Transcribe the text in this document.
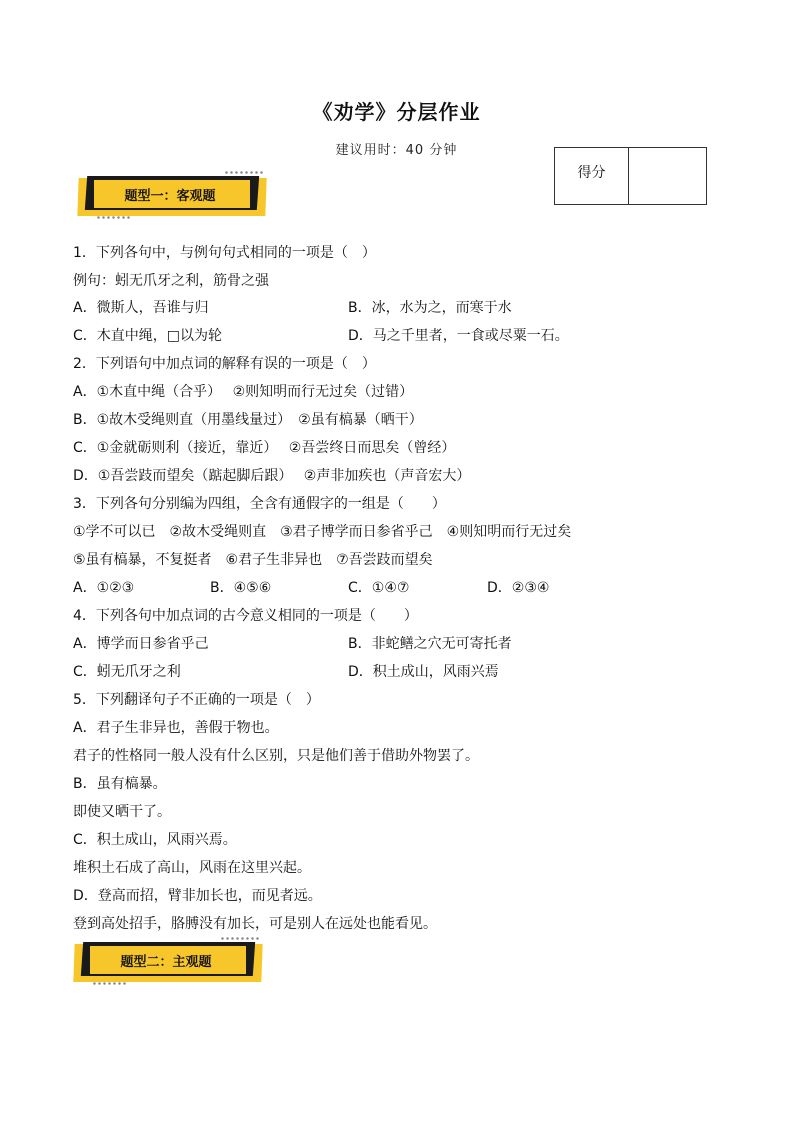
《劝学》分层作业
建议用时：40 分钟
得分
题型一：客观题
题型二：主观题
1．下列各句中，与例句句式相同的一项是（　）
例句：蚓无爪牙之利，筋骨之强
A．微斯人，吾谁与归	B．冰，水为之，而寒于水
C．木直中绳，□以为轮	D．马之千里者，一食或尽粟一石。
2．下列语句中加点词的解释有误的一项是（　）
A．①木直中绳（合乎）　 ②则知明而行无过矣（过错）
B．①故木受绳则直（用墨线量过）　②虽有槁暴（晒干）
C．①金就砺则利（接近，靠近）　 ②吾尝终日而思矣（曾经）
D．①吾尝跂而望矣（踮起脚后跟）　 ②声非加疾也（声音宏大）
3．下列各句分别编为四组，全含有通假字的一组是（　　）
①学不可以已　②故木受绳则直　③君子博学而日参省乎己　④则知明而行无过矣
⑤虽有槁暴，不复挺者　⑥君子生非异也　⑦吾尝跂而望矣
A．①②③	B．④⑤⑥	C．①④⑦	D．②③④
4．下列各句中加点词的古今意义相同的一项是（　　）
A．博学而日参省乎己	B．非蛇鳝之穴无可寄托者
C．蚓无爪牙之利	D．积土成山，风雨兴焉
5．下列翻译句子不正确的一项是（　）
A．君子生非异也，善假于物也。
君子的性格同一般人没有什么区别，只是他们善于借助外物罢了。
B．虽有槁暴。
即使又晒干了。
C．积土成山，风雨兴焉。
堆积土石成了高山，风雨在这里兴起。
D．登高而招，臂非加长也，而见者远。
登到高处招手，胳膊没有加长，可是别人在远处也能看见。
